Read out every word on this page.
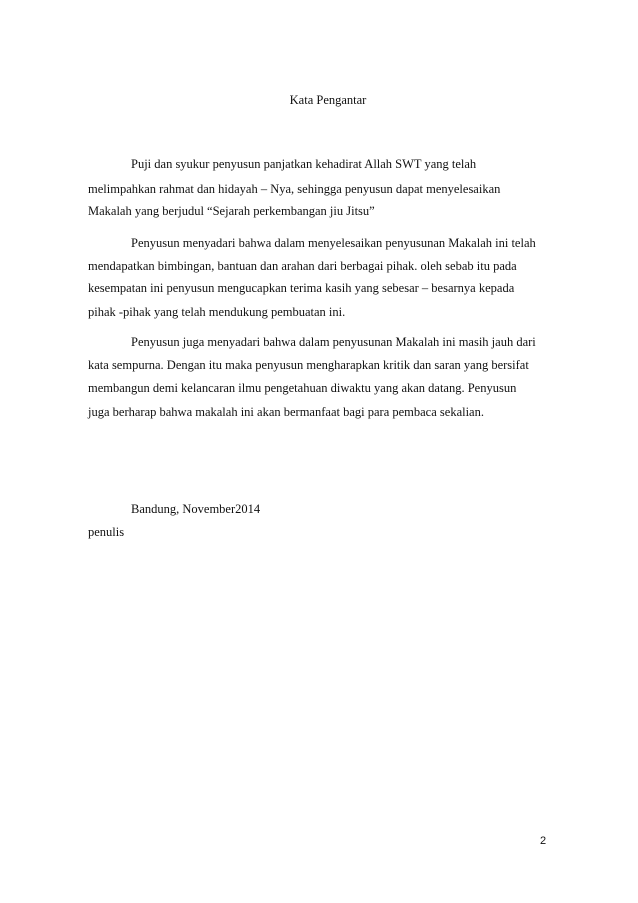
Kata Pengantar
Puji dan syukur penyusun panjatkan kehadirat Allah SWT yang telah
melimpahkan rahmat dan hidayah – Nya, sehingga penyusun dapat menyelesaikan
Makalah yang berjudul “Sejarah perkembangan jiu Jitsu”
Penyusun menyadari bahwa dalam menyelesaikan penyusunan Makalah ini telah
mendapatkan bimbingan, bantuan dan arahan dari berbagai pihak. oleh sebab itu pada
kesempatan ini penyusun mengucapkan terima kasih yang sebesar – besarnya kepada
pihak -pihak yang telah mendukung pembuatan ini.
Penyusun juga menyadari bahwa dalam penyusunan Makalah ini masih jauh dari
kata sempurna. Dengan itu maka penyusun mengharapkan kritik dan saran yang bersifat
membangun demi kelancaran ilmu pengetahuan diwaktu yang akan datang. Penyusun
juga berharap bahwa makalah ini akan bermanfaat bagi para pembaca sekalian.
Bandung, November2014
penulis
2
